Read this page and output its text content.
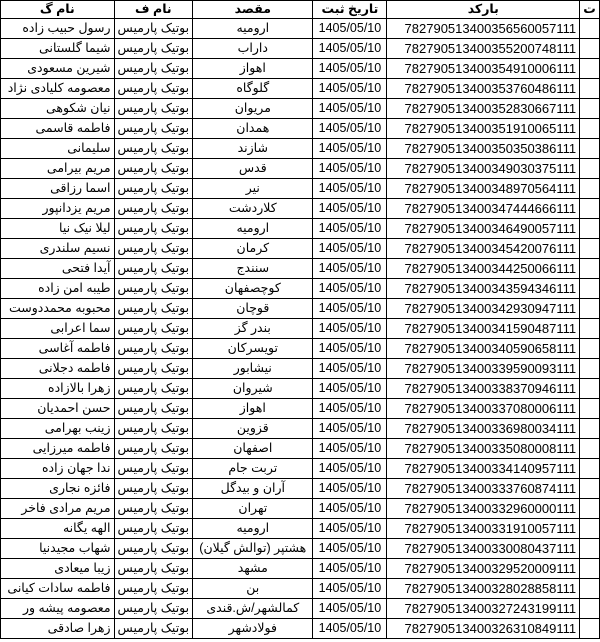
نام گ	نام ف	مقصد	تاریخ ثبت	بارکد	ت
رسول حبیب زاده	بوتیک پارمیس	ارومیه	1405/05/10	782790513400356560057111	
شیما گلستانی	بوتیک پارمیس	داراب	1405/05/10	782790513400355200748111	
شیرین مسعودی	بوتیک پارمیس	اهواز	1405/05/10	782790513400354910006111	
معصومه کلیادی نژاد	بوتیک پارمیس	گلوگاه	1405/05/10	782790513400353760486111	
نیان شکوهی	بوتیک پارمیس	مریوان	1405/05/10	782790513400352830667111	
فاطمه قاسمی	بوتیک پارمیس	همدان	1405/05/10	782790513400351910065111	
سلیمانی	بوتیک پارمیس	شازند	1405/05/10	782790513400350350386111	
مریم بیرامی	بوتیک پارمیس	قدس	1405/05/10	782790513400349030375111	
اسما رزاقی	بوتیک پارمیس	نیر	1405/05/10	782790513400348970564111	
مریم یزدانپور	بوتیک پارمیس	کلاردشت	1405/05/10	782790513400347444666111	
لیلا نیک نیا	بوتیک پارمیس	ارومیه	1405/05/10	782790513400346490057111	
نسیم سلندری	بوتیک پارمیس	کرمان	1405/05/10	782790513400345420076111	
آیدا فتحی	بوتیک پارمیس	سنندج	1405/05/10	782790513400344250066111	
طیبه امن زاده	بوتیک پارمیس	کوچصفهان	1405/05/10	782790513400343594346111	
محبوبه محمددوست	بوتیک پارمیس	قوچان	1405/05/10	782790513400342930947111	
سما اعرابی	بوتیک پارمیس	بندر گز	1405/05/10	782790513400341590487111	
فاطمه آغاسی	بوتیک پارمیس	تویسرکان	1405/05/10	782790513400340590658111	
فاطمه دجلانی	بوتیک پارمیس	نیشابور	1405/05/10	782790513400339590093111	
زهرا بالازاده	بوتیک پارمیس	شیروان	1405/05/10	782790513400338370946111	
حسن احمدیان	بوتیک پارمیس	اهواز	1405/05/10	782790513400337080006111	
زینب بهرامی	بوتیک پارمیس	قزوین	1405/05/10	782790513400336980034111	
فاطمه میرزایی	بوتیک پارمیس	اصفهان	1405/05/10	782790513400335080008111	
ندا جهان زاده	بوتیک پارمیس	تربت جام	1405/05/10	782790513400334140957111	
فائزه نجاری	بوتیک پارمیس	آران و بیدگل	1405/05/10	782790513400333760874111	
مریم مرادی فاخر	بوتیک پارمیس	تهران	1405/05/10	782790513400332960000111	
الهه یگانه	بوتیک پارمیس	ارومیه	1405/05/10	782790513400331910057111	
شهاب مجیدنیا	بوتیک پارمیس	هشتپر (توالش گیلان)	1405/05/10	782790513400330080437111	
زیبا میعادی	بوتیک پارمیس	مشهد	1405/05/10	782790513400329520009111	
فاطمه سادات کیانی	بوتیک پارمیس	بن	1405/05/10	782790513400328028858111	
معصومه پیشه ور	بوتیک پارمیس	کمالشهر/ش.قندی	1405/05/10	782790513400327243199111	
زهرا صادقی	بوتیک پارمیس	فولادشهر	1405/05/10	782790513400326310849111	
